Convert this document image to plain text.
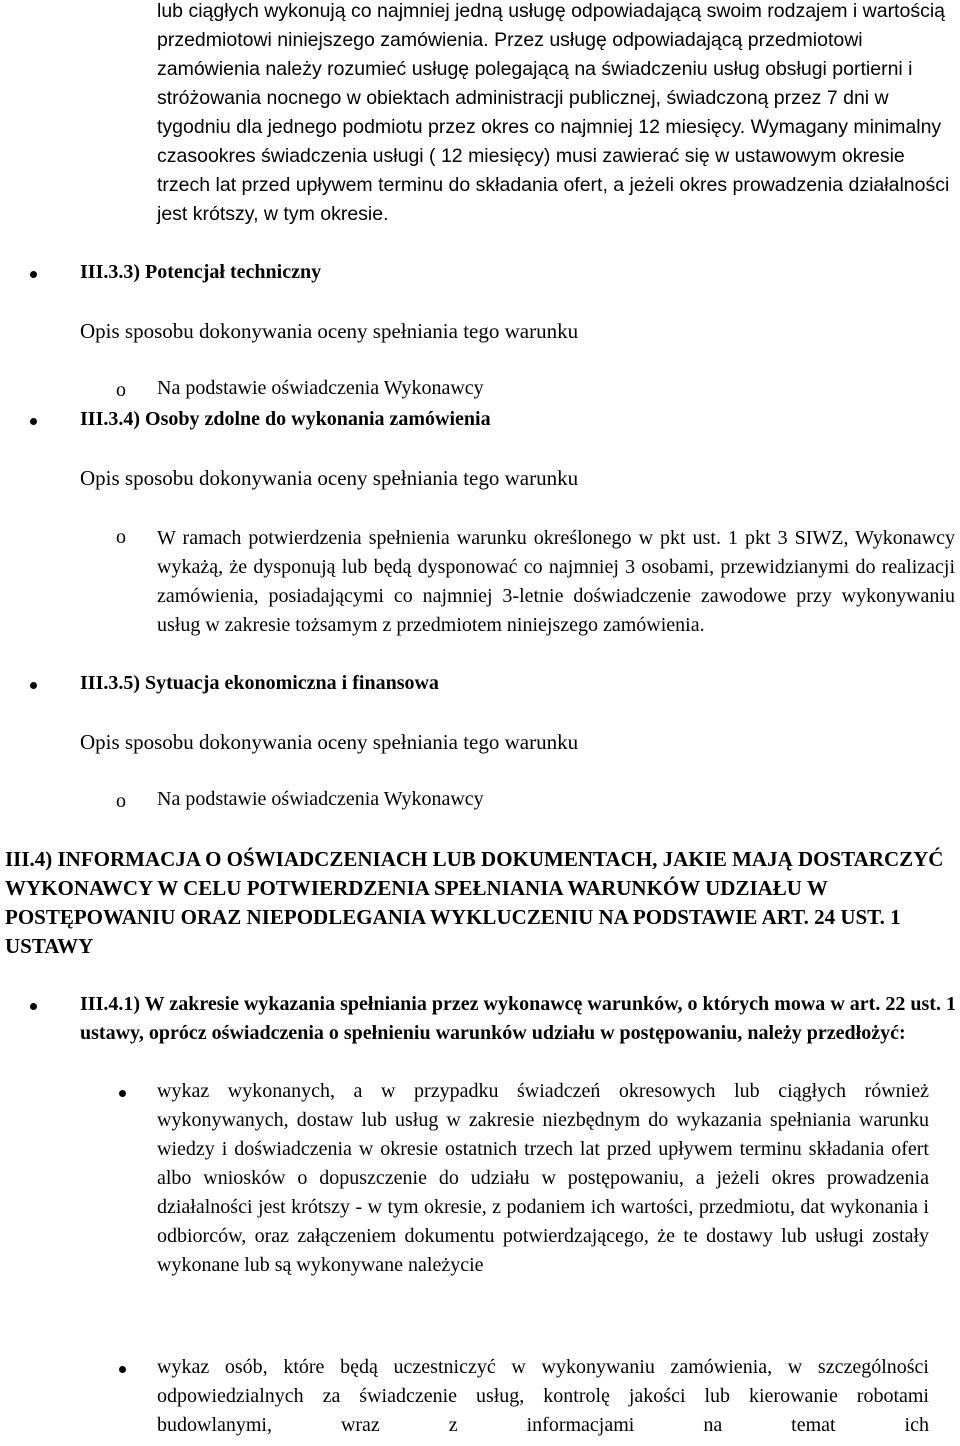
lub ciągłych wykonują co najmniej jedną usługę odpowiadającą swoim rodzajem i wartością przedmiotowi niniejszego zamówienia. Przez usługę odpowiadającą przedmiotowi zamówienia należy rozumieć usługę polegającą na świadczeniu usług obsługi portierni i stróżowania nocnego w obiektach administracji publicznej, świadczoną przez 7 dni w tygodniu dla jednego podmiotu przez okres co najmniej 12 miesięcy. Wymagany minimalny czasookres świadczenia usługi ( 12 miesięcy) musi zawierać się w ustawowym okresie trzech lat przed upływem terminu do składania ofert, a jeżeli okres prowadzenia działalności jest krótszy, w tym okresie.

III.3.3) Potencjał techniczny
Opis sposobu dokonywania oceny spełniania tego warunku
o Na podstawie oświadczenia Wykonawcy
III.3.4) Osoby zdolne do wykonania zamówienia
Opis sposobu dokonywania oceny spełniania tego warunku
o W ramach potwierdzenia spełnienia warunku określonego w pkt ust. 1 pkt 3 SIWZ, Wykonawcy wykażą, że dysponują lub będą dysponować co najmniej 3 osobami, przewidzianymi do realizacji zamówienia, posiadającymi co najmniej 3-letnie doświadczenie zawodowe przy wykonywaniu usług w zakresie tożsamym z przedmiotem niniejszego zamówienia.

III.3.5) Sytuacja ekonomiczna i finansowa
Opis sposobu dokonywania oceny spełniania tego warunku
o Na podstawie oświadczenia Wykonawcy

III.4) INFORMACJA O OŚWIADCZENIACH LUB DOKUMENTACH, JAKIE MAJĄ DOSTARCZYĆ WYKONAWCY W CELU POTWIERDZENIA SPEŁNIANIA WARUNKÓW UDZIAŁU W POSTĘPOWANIU ORAZ NIEPODLEGANIA WYKLUCZENIU NA PODSTAWIE ART. 24 UST. 1 USTAWY

III.4.1) W zakresie wykazania spełniania przez wykonawcę warunków, o których mowa w art. 22 ust. 1 ustawy, oprócz oświadczenia o spełnieniu warunków udziału w postępowaniu, należy przedłożyć:

wykaz wykonanych, a w przypadku świadczeń okresowych lub ciągłych również wykonywanych, dostaw lub usług w zakresie niezbędnym do wykazania spełniania warunku wiedzy i doświadczenia w okresie ostatnich trzech lat przed upływem terminu składania ofert albo wniosków o dopuszczenie do udziału w postępowaniu, a jeżeli okres prowadzenia działalności jest krótszy - w tym okresie, z podaniem ich wartości, przedmiotu, dat wykonania i odbiorców, oraz załączeniem dokumentu potwierdzającego, że te dostawy lub usługi zostały wykonane lub są wykonywane należycie

wykaz osób, które będą uczestniczyć w wykonywaniu zamówienia, w szczególności odpowiedzialnych za świadczenie usług, kontrolę jakości lub kierowanie robotami budowlanymi, wraz z informacjami na temat ich
